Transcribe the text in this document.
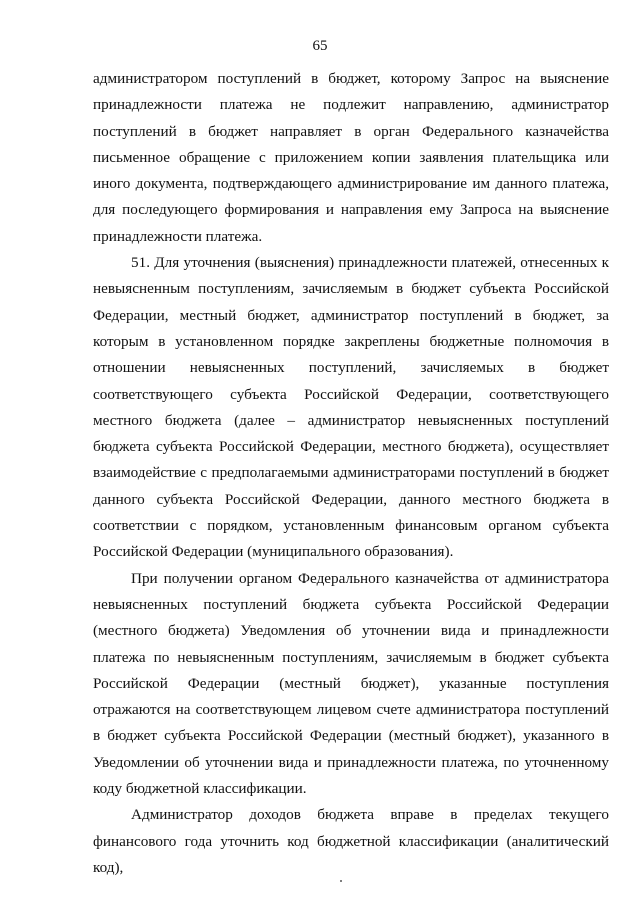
65

администратором поступлений в бюджет, которому Запрос на выяснение принадлежности платежа не подлежит направлению, администратор поступлений в бюджет направляет в орган Федерального казначейства письменное обращение с приложением копии заявления плательщика или иного документа, подтверждающего администрирование им данного платежа, для последующего формирования и направления ему Запроса на выяснение принадлежности платежа.

51. Для уточнения (выяснения) принадлежности платежей, отнесенных к невыясненным поступлениям, зачисляемым в бюджет субъекта Российской Федерации, местный бюджет, администратор поступлений в бюджет, за которым в установленном порядке закреплены бюджетные полномочия в отношении невыясненных поступлений, зачисляемых в бюджет соответствующего субъекта Российской Федерации, соответствующего местного бюджета (далее – администратор невыясненных поступлений бюджета субъекта Российской Федерации, местного бюджета), осуществляет взаимодействие с предполагаемыми администраторами поступлений в бюджет данного субъекта Российской Федерации, данного местного бюджета в соответствии с порядком, установленным финансовым органом субъекта Российской Федерации (муниципального образования).

При получении органом Федерального казначейства от администратора невыясненных поступлений бюджета субъекта Российской Федерации (местного бюджета) Уведомления об уточнении вида и принадлежности платежа по невыясненным поступлениям, зачисляемым в бюджет субъекта Российской Федерации (местный бюджет), указанные поступления отражаются на соответствующем лицевом счете администратора поступлений в бюджет субъекта Российской Федерации (местный бюджет), указанного в Уведомлении об уточнении вида и принадлежности платежа, по уточненному коду бюджетной классификации.

Администратор доходов бюджета вправе в пределах текущего финансового года уточнить код бюджетной классификации (аналитический код),
